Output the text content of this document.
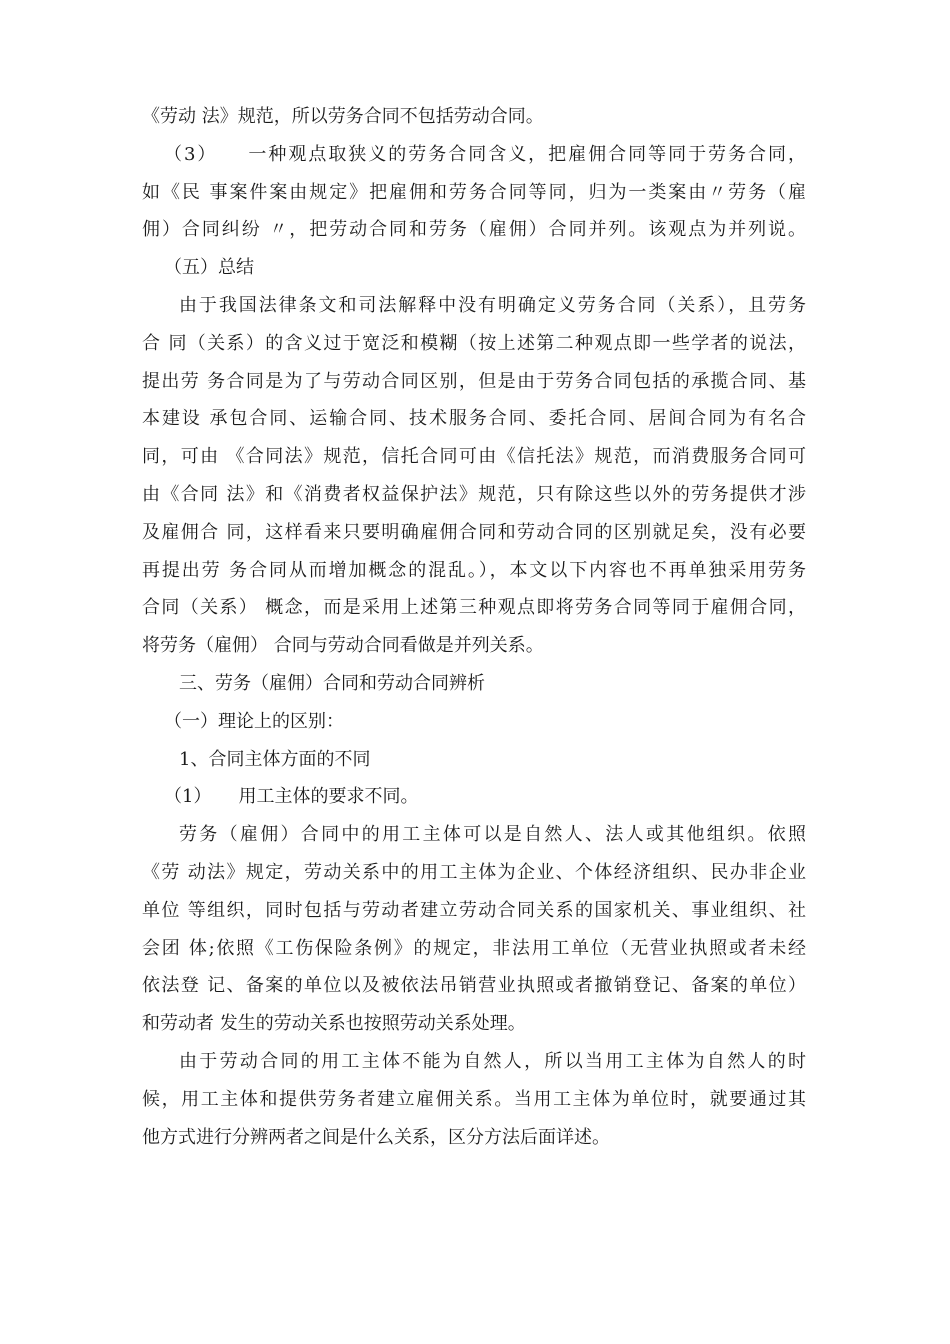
《劳动 法》规范，所以劳务合同不包括劳动合同。
（3）　　一种观点取狭义的劳务合同含义，把雇佣合同等同于劳务合同，
如《民 事案件案由规定》把雇佣和劳务合同等同，归为一类案由〃劳务（雇
佣）合同纠纷 〃，把劳动合同和劳务（雇佣）合同并列。该观点为并列说。
（五）总结
由于我国法律条文和司法解释中没有明确定义劳务合同（关系），且劳务
合 同（关系）的含义过于宽泛和模糊（按上述第二种观点即一些学者的说法，
提出劳 务合同是为了与劳动合同区别，但是由于劳务合同包括的承揽合同、基
本建设 承包合同、运输合同、技术服务合同、委托合同、居间合同为有名合
同，可由 《合同法》规范，信托合同可由《信托法》规范，而消费服务合同可
由《合同 法》和《消费者权益保护法》规范，只有除这些以外的劳务提供才涉
及雇佣合 同，这样看来只要明确雇佣合同和劳动合同的区别就足矣，没有必要
再提出劳 务合同从而增加概念的混乱。），本文以下内容也不再单独采用劳务
合同（关系） 概念，而是采用上述第三种观点即将劳务合同等同于雇佣合同，
将劳务（雇佣） 合同与劳动合同看做是并列关系。
三、劳务（雇佣）合同和劳动合同辨析
（一）理论上的区别：
1、合同主体方面的不同
（1）　　用工主体的要求不同。
劳务（雇佣）合同中的用工主体可以是自然人、法人或其他组织。依照
《劳 动法》规定，劳动关系中的用工主体为企业、个体经济组织、民办非企业
单位 等组织，同时包括与劳动者建立劳动合同关系的国家机关、事业组织、社
会团 体;依照《工伤保险条例》的规定，非法用工单位（无营业执照或者未经
依法登 记、备案的单位以及被依法吊销营业执照或者撤销登记、备案的单位）
和劳动者 发生的劳动关系也按照劳动关系处理。
由于劳动合同的用工主体不能为自然人，所以当用工主体为自然人的时
候，用工主体和提供劳务者建立雇佣关系。当用工主体为单位时，就要通过其
他方式进行分辨两者之间是什么关系，区分方法后面详述。
